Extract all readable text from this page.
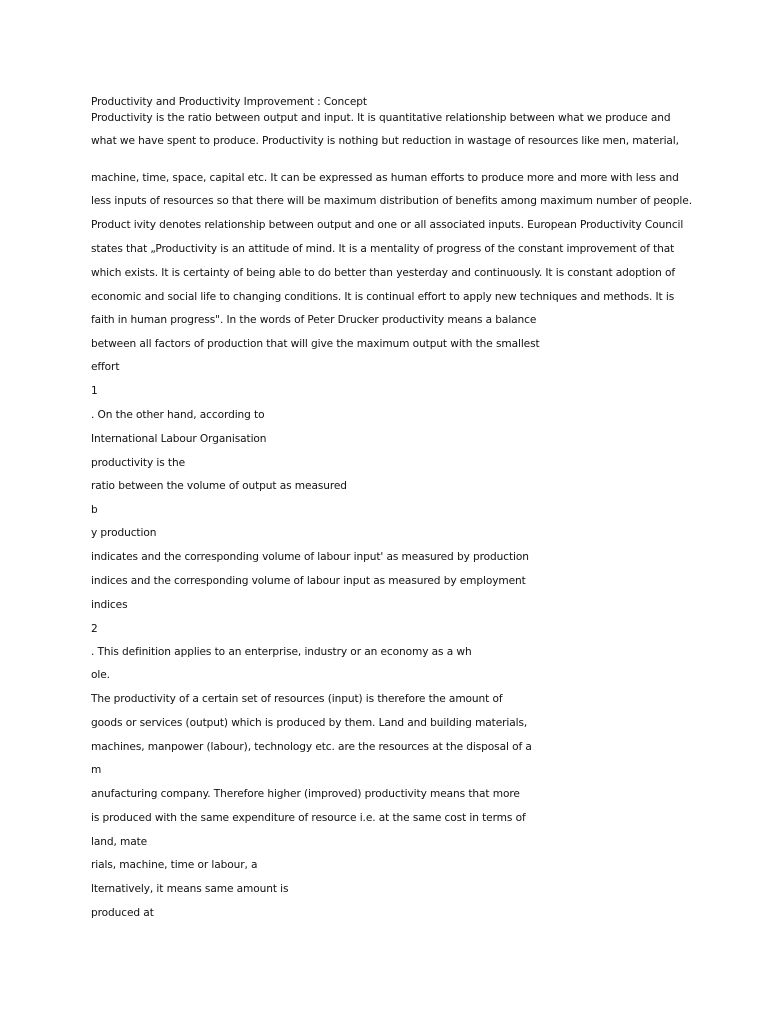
Productivity and Productivity Improvement : Concept
Productivity is the ratio between output and input. It is quantitative relationship between what we produce and
what we have spent to produce. Productivity is nothing but reduction in wastage of resources like men, material,
machine, time, space, capital etc. It can be expressed as human efforts to produce more and more with less and
less inputs of resources so that there will be maximum distribution of benefits among maximum number of people.
Product ivity denotes relationship between output and one or all associated inputs. European Productivity Council
states that „Productivity is an attitude of mind. It is a mentality of progress of the constant improvement of that
which exists. It is certainty of being able to do better than yesterday and continuously. It is constant adoption of
economic and social life to changing conditions. It is continual effort to apply new techniques and methods. It is
faith in human progress". In the words of Peter Drucker productivity means a balance
between all factors of production that will give the maximum output with the smallest
effort
1
. On the other hand, according to
International Labour Organisation
productivity is the
ratio between the volume of output as measured
b
y production
indicates and the corresponding volume of labour input' as measured by production
indices and the corresponding volume of labour input as measured by employment
indices
2
. This definition applies to an enterprise, industry or an economy as a wh
ole.
The productivity of a certain set of resources (input) is therefore the amount of
goods or services (output) which is produced by them. Land and building materials,
machines, manpower (labour), technology etc. are the resources at the disposal of a
m
anufacturing company. Therefore higher (improved) productivity means that more
is produced with the same expenditure of resource i.e. at the same cost in terms of
land, mate
rials, machine, time or labour, a
lternatively, it means same amount is
produced at
